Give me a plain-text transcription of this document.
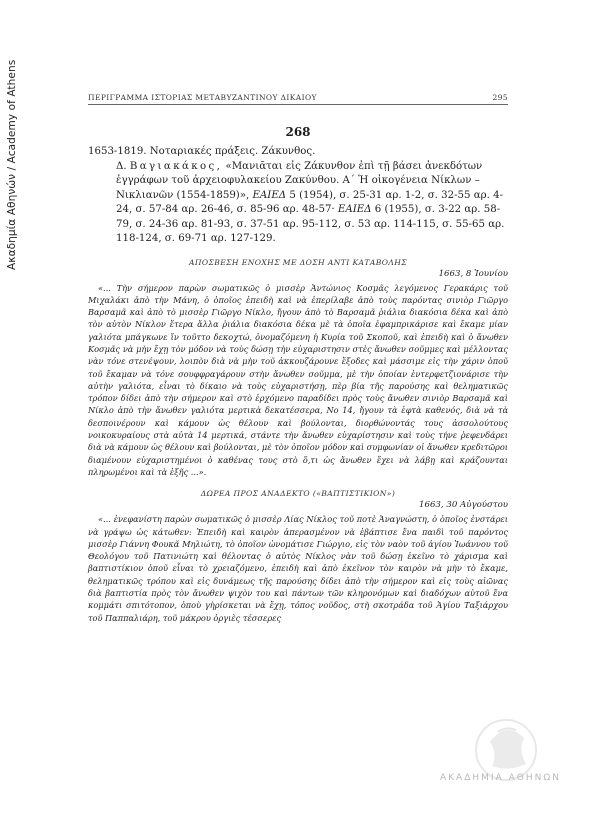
Ακαδημία Αθηνών / Academy of Athens	ΠΕΡΙΓΡΑΜΜΑ ΙΣΤΟΡΙΑΣ ΜΕΤΑΒΥΖΑΝΤΙΝΟΥ ΔΙΚΑΙΟΥ	295
268
1653-1819. Νοταριακές πράξεις. Ζάκυνθος.
Δ. Βαγιακάκος, «Μανιᾶται εἰς Ζάκυνθον ἐπὶ τῇ βάσει ἀνεκδότων ἐγγράφων τοῦ ἀρχειοφυλακείου Ζακύνθου. Α΄ Ἡ οἰκογένεια Νίκλων – Νικλιανῶν (1554-1859)», ΕΑΙΕΔ 5 (1954), σ. 25-31 αρ. 1-2, σ. 32-55 αρ. 4-24, σ. 57-84 αρ. 26-46, σ. 85-96 αρ. 48-57· ΕΑΙΕΔ 6 (1955), σ. 3-22 αρ. 58-79, σ. 24-36 αρ. 81-93, σ. 37-51 αρ. 95-112, σ. 53 αρ. 114-115, σ. 55-65 αρ. 118-124, σ. 69-71 αρ. 127-129.
ΑΠΟΣΒΕΣΗ ΕΝΟΧΗΣ ΜΕ ΔΟΣΗ ΑΝΤΙ ΚΑΤΑΒΟΛΗΣ
1663, 8 Ἰουνίου
«... Τὴν σήμερον παρὼν σωματικῶς ὁ μισσὲρ Ἀντώνιος Κοσμᾶς λεγόμενος Γερακάρις τοῦ Μιχαλάκι ἀπὸ τὴν Μάνη, ὁ ὁποῖος ἐπειδὴ καὶ νὰ ἐπερίλαβε ἀπὸ τοὺς παρόντας σινιὸρ Γιῶργο Βαρσαμᾶ καὶ ἀπὸ τὸ μισσὲρ Γιῶργο Νίκλο, ἤγουν ἀπὸ τὸ Βαρσαμᾶ ῤιάλια διακόσια δέκα καὶ ἀπὸ τὸν αὐτὸν Νίκλον ἕτερα ἄλλα ῤιάλια διακόσια δέκα μὲ τὰ ὁποῖα ἐφαμπρικάρισε καὶ ἔκαμε μίαν γαλιότα μπάγκωνε ἴν τοῦττο δεκοχτώ, ὀνομαζόμενη ἡ Κυρία τοῦ Σκοποῦ, καὶ ἐπειδὴ καὶ ὁ ἄνωθεν Κοσμᾶς νὰ μὴν ἔχῃ τὸν μόδον νὰ τοὺς δώσῃ τὴν εὐχαριστησιν στὲς ἄνωθεν σοῦμμες καὶ μέλλοντας νὰν τόνε στενέψουν, λοιπὸν διὰ νὰ μὴν τοῦ ἀκκουζάρουνε ἔξοδες καὶ μάσσιμε εἰς τὴν χάριν ὁποῦ τοῦ ἔκαμαν νὰ τόνε σουφφραγάρουν στὴν ἄνωθεν σοῦμμα, μὲ τὴν ὁποίαν ἐντερφετζιονάρισε τὴν αὐτὴν γαλιότα, εἶναι τὸ δίκαιο νὰ τοὺς εὐχαριστήσῃ, πὲρ βία τῆς παρούσης καὶ θεληματικῶς τρόπον δίδει ἀπὸ τὴν σήμερον καὶ στὸ ἐρχόμενο παραδίδει πρὸς τοὺς ἄνωθεν σινιὸρ Βαρσαμᾶ καὶ Νίκλο ἀπὸ τὴν ἄνωθεν γαλιότα μερτικὰ δεκατέσσερα, Νο 14, ἤγουν τὰ ἑφτὰ καθενός, διὰ νὰ τὰ δεσποινέρουν καὶ κάμουν ὡς θέλουν καὶ βούλονται, διορθώνοντάς τους ἀσσολούτους νοικοκυραίους στὰ αὐτὰ 14 μερτικά, στάντε τὴν ἄνωθεν εὐχαρίστησιν καὶ τοὺς τήνε ῤεφενδάρει διὰ νὰ κάμουν ὡς θέλουν καὶ βούλονται, μὲ τὸν ὁποῖον μόδον καὶ συμφωνίαν οἱ ἄνωθεν κρεδιτῶροι διαμένουν εὐχαριστημένοι ὁ καθένας τους στὸ ὅ,τι ὡς ἄνωθεν ἔχει νὰ λάβῃ καὶ κράζουνται πληρωμένοι καὶ τὰ ἑξῆς ...».
ΔΩΡΕΑ ΠΡΟΣ ΑΝΑΔΕΚΤΟ («ΒΑΠΤΙΣΤΙΚΙΟΝ»)
1663, 30 Αὐγούστου
«... ἐνεφανίστη παρὼν σωματικῶς ὁ μισσὲρ Λίας Νίκλος τοῦ ποτὲ Ἀναγνώστη, ὁ ὁποῖος ἐνστάρει νὰ γράψω ὡς κάτωθεν: Ἐπειδὴ καὶ καιρὸν ἀπερασμένον νὰ ἐβάπτισε ἕνα παιδὶ τοῦ παρόντος μισσὲρ Γιάννη Φουκᾶ Μηλιώτη, τὸ ὁποῖον ὠνομάτισε Γιώργιο, εἰς τὸν ναὸν τοῦ ἁγίου Ἰωάννου τοῦ Θεολόγου τοῦ Πατινιώτη καὶ θέλοντας ὁ αὐτὸς Νίκλος νὰν τοῦ δώσῃ ἐκεῖνο τὸ χάρισμα καὶ βαπτιστίκιον ὁποῦ εἶναι τὸ χρειαζόμενο, ἐπειδὴ καὶ ἀπὸ ἐκεῖνον τὸν καιρὸν νὰ μὴν τὸ ἔκαμε, θεληματικῶς τρόπου καὶ εἰς δυνάμεως τῆς παρούσης δίδει ἀπὸ τὴν σήμερον καὶ εἰς τοὺς αἰῶνας διὰ βαπτιστία πρὸς τὸν ἄνωθεν ψιχὸν του καὶ πάντων τῶν κληρονόμων καὶ διαδόχων αὐτοῦ ἕνα κομμάτι σπιτότοπον, ὁποὺ γὴρίσκεται νὰ ἔχῃ, τόπος νοῦδος, στὴ σκοτράδα τοῦ Ἁγίου Ταξιάρχου τοῦ Παππαλιάρη, τοῦ μάκρου ὀργιὲς τέσσερες
ΑΚΑΔΗΜΙΑ ΑΘΗΝΩΝ
